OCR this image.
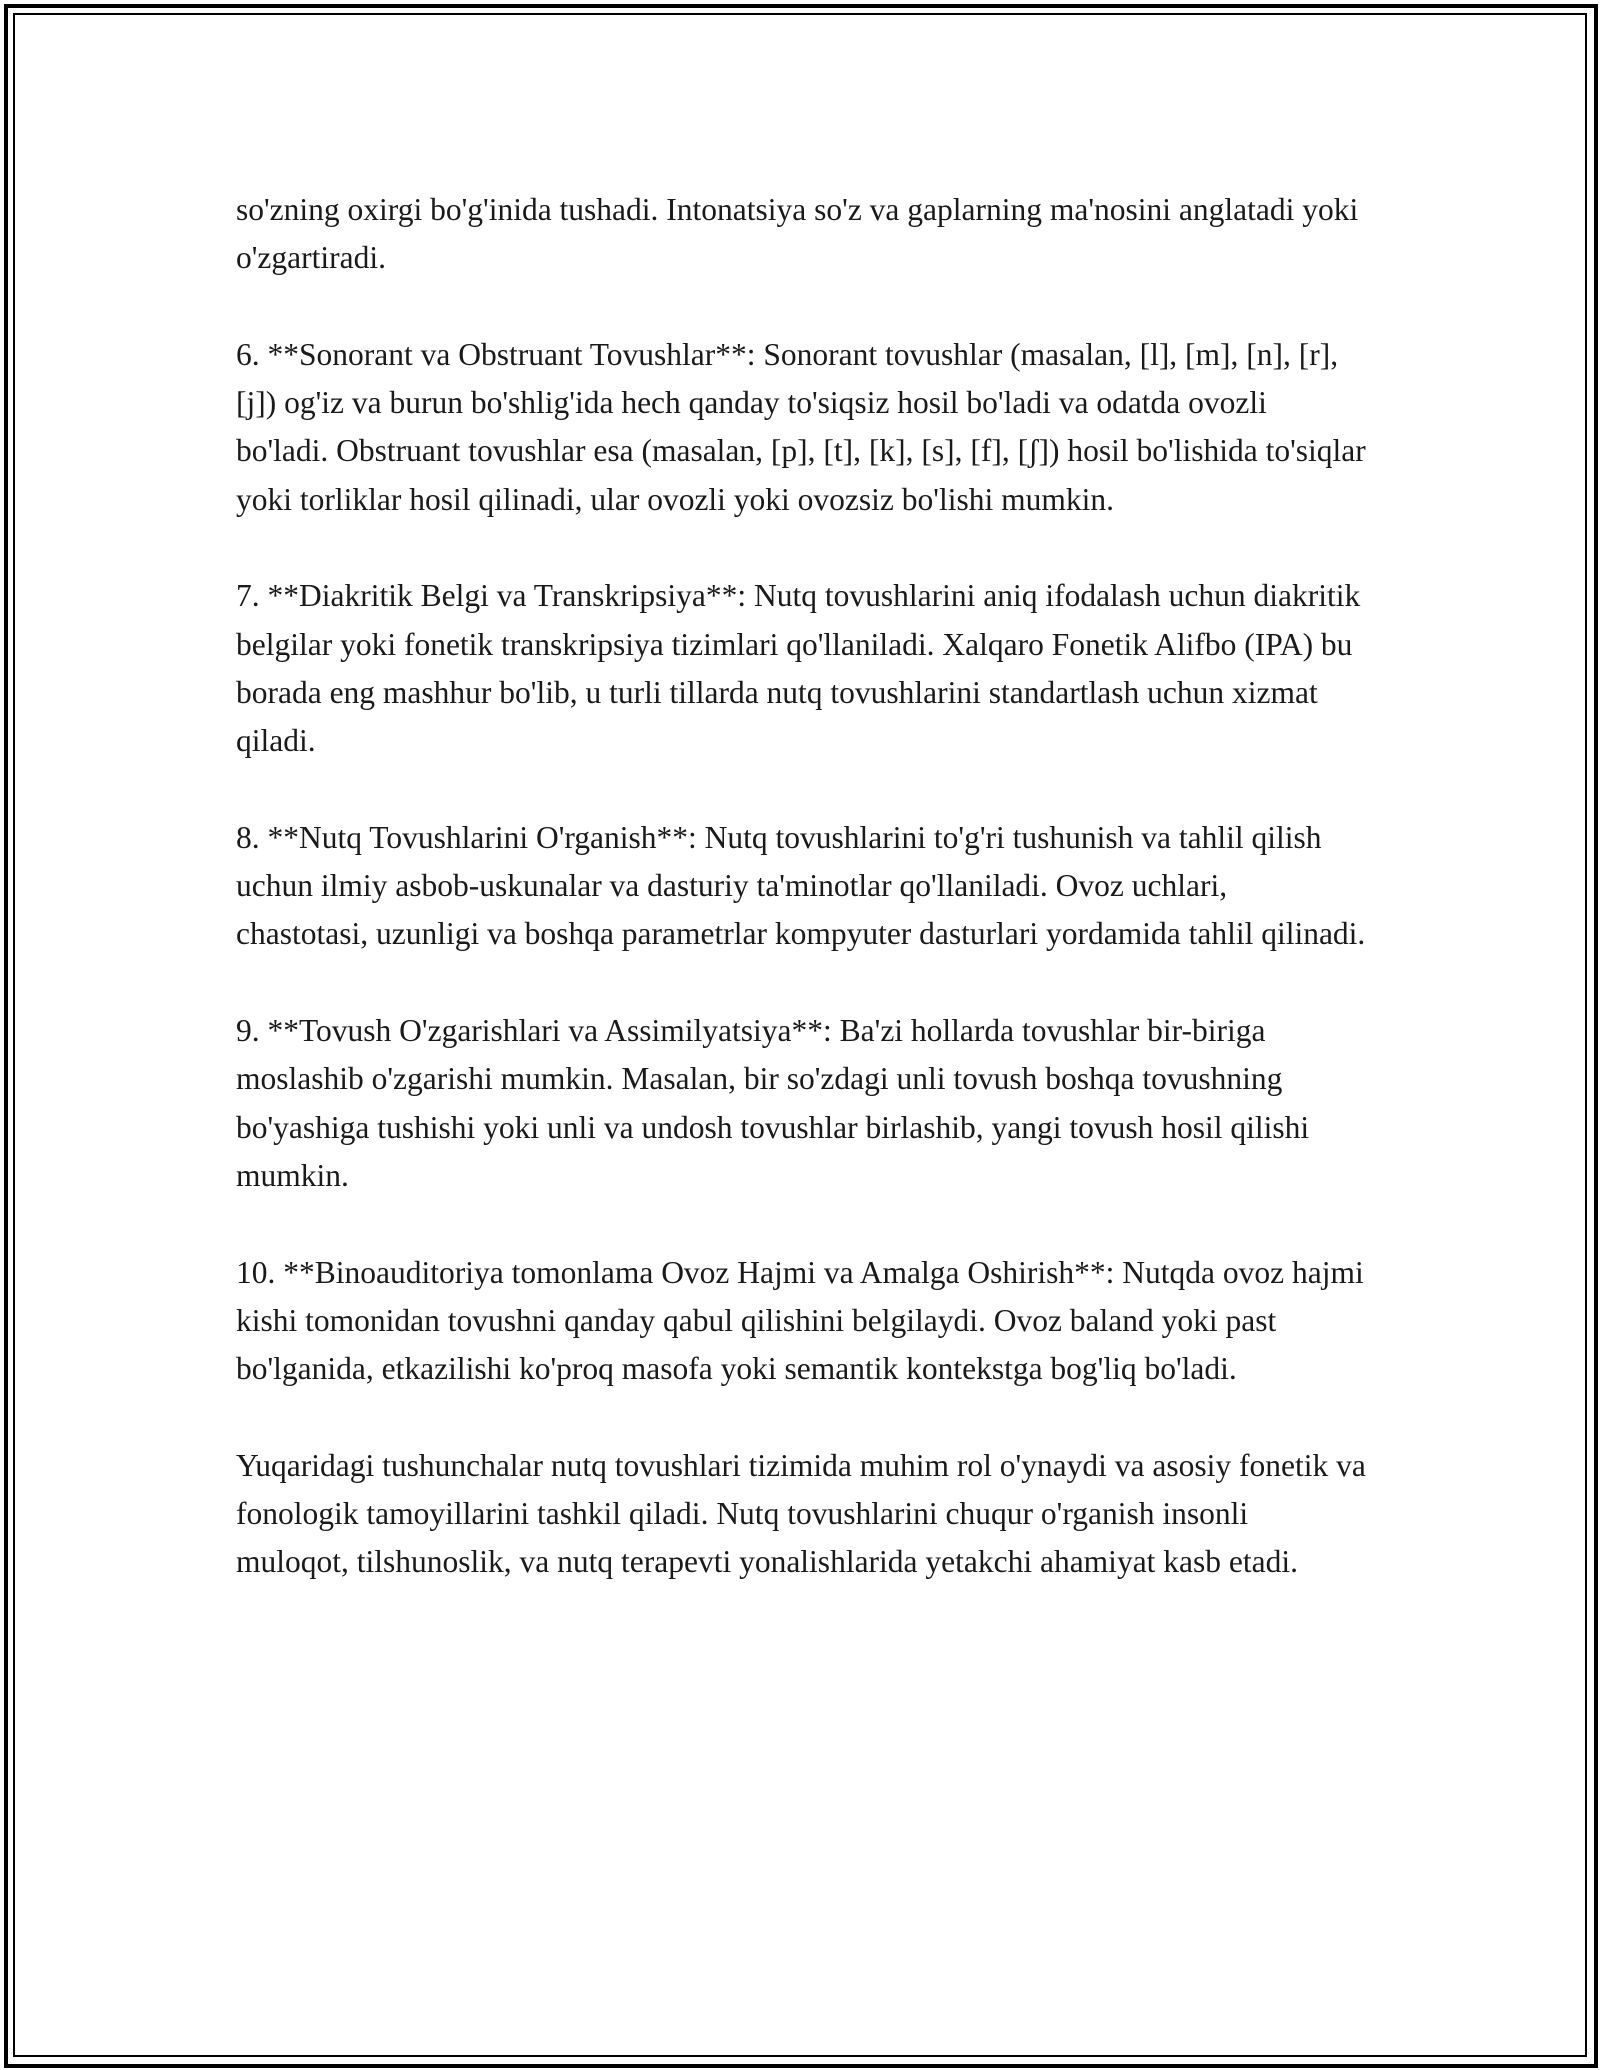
so'zning oxirgi bo'g'inida tushadi. Intonatsiya so'z va gaplarning ma'nosini anglatadi yoki o'zgartiradi.

6. **Sonorant va Obstruant Tovushlar**: Sonorant tovushlar (masalan, [l], [m], [n], [r], [j]) og'iz va burun bo'shlig'ida hech qanday to'siqsiz hosil bo'ladi va odatda ovozli bo'ladi. Obstruant tovushlar esa (masalan, [p], [t], [k], [s], [f], [ʃ]) hosil bo'lishida to'siqlar yoki torliklar hosil qilinadi, ular ovozli yoki ovozsiz bo'lishi mumkin.

7. **Diakritik Belgi va Transkripsiya**: Nutq tovushlarini aniq ifodalash uchun diakritik belgilar yoki fonetik transkripsiya tizimlari qo'llaniladi. Xalqaro Fonetik Alifbo (IPA) bu borada eng mashhur bo'lib, u turli tillarda nutq tovushlarini standartlash uchun xizmat qiladi.

8. **Nutq Tovushlarini O'rganish**: Nutq tovushlarini to'g'ri tushunish va tahlil qilish uchun ilmiy asbob-uskunalar va dasturiy ta'minotlar qo'llaniladi. Ovoz uchlari, chastotasi, uzunligi va boshqa parametrlar kompyuter dasturlari yordamida tahlil qilinadi.

9. **Tovush O'zgarishlari va Assimilyatsiya**: Ba'zi hollarda tovushlar bir-biriga moslashib o'zgarishi mumkin. Masalan, bir so'zdagi unli tovush boshqa tovushning bo'yashiga tushishi yoki unli va undosh tovushlar birlashib, yangi tovush hosil qilishi mumkin.

10. **Binoauditoriya tomonlama Ovoz Hajmi va Amalga Oshirish**: Nutqda ovoz hajmi kishi tomonidan tovushni qanday qabul qilishini belgilaydi. Ovoz baland yoki past bo'lganida, etkazilishi ko'proq masofa yoki semantik kontekstga bog'liq bo'ladi.

Yuqaridagi tushunchalar nutq tovushlari tizimida muhim rol o'ynaydi va asosiy fonetik va fonologik tamoyillarini tashkil qiladi. Nutq tovushlarini chuqur o'rganish insonli muloqot, tilshunoslik, va nutq terapevti yonalishlarida yetakchi ahamiyat kasb etadi.
